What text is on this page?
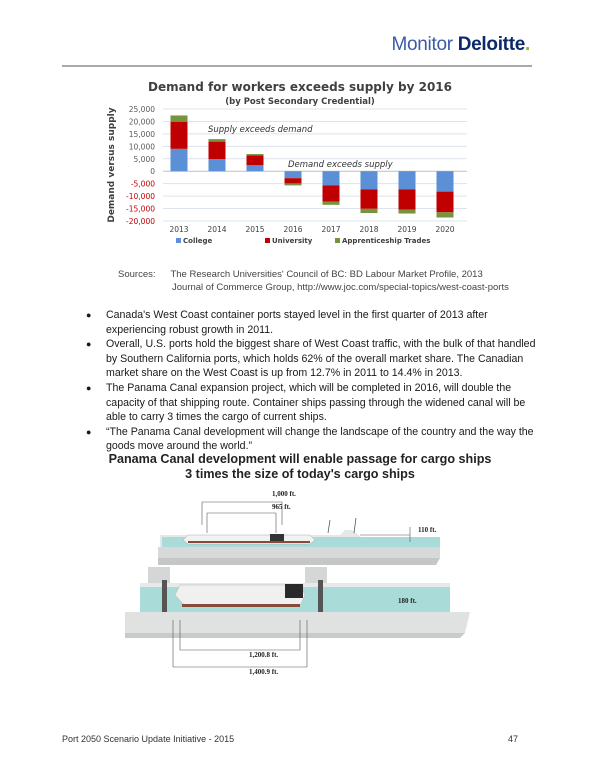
Monitor Deloitte.
Demand for workers exceeds supply by 2016
(by Post Secondary Credential)
25,000
20,000
15,000
10,000
5,000
0
-5,000
-10,000
-15,000
-20,000
Demand versus supply
2013	2014	2015	2016	2017	2018	2019	2020
Supply exceeds demand
Demand exceeds supply
College	University	Apprenticeship Trades
Sources: The Research Universities' Council of BC: BD Labour Market Profile, 2013
Journal of Commerce Group, http://www.joc.com/special-topics/west-coast-ports
● Canada's West Coast container ports stayed level in the first quarter of 2013 after experiencing robust growth in 2011.
● Overall, U.S. ports hold the biggest share of West Coast traffic, with the bulk of that handled by Southern California ports, which holds 62% of the overall market share. The Canadian market share on the West Coast is up from 12.7% in 2011 to 14.4% in 2013.
● The Panama Canal expansion project, which will be completed in 2016, will double the capacity of that shipping route. Container ships passing through the widened canal will be able to carry 3 times the cargo of current ships.
● “The Panama Canal development will change the landscape of the country and the way the goods move around the world.”
Panama Canal development will enable passage for cargo ships
3 times the size of today's cargo ships
1,000 ft.
965 ft.
110 ft.
180 ft.
1,200.8 ft.
1,400.9 ft.
Port 2050 Scenario Update Initiative - 2015	47
